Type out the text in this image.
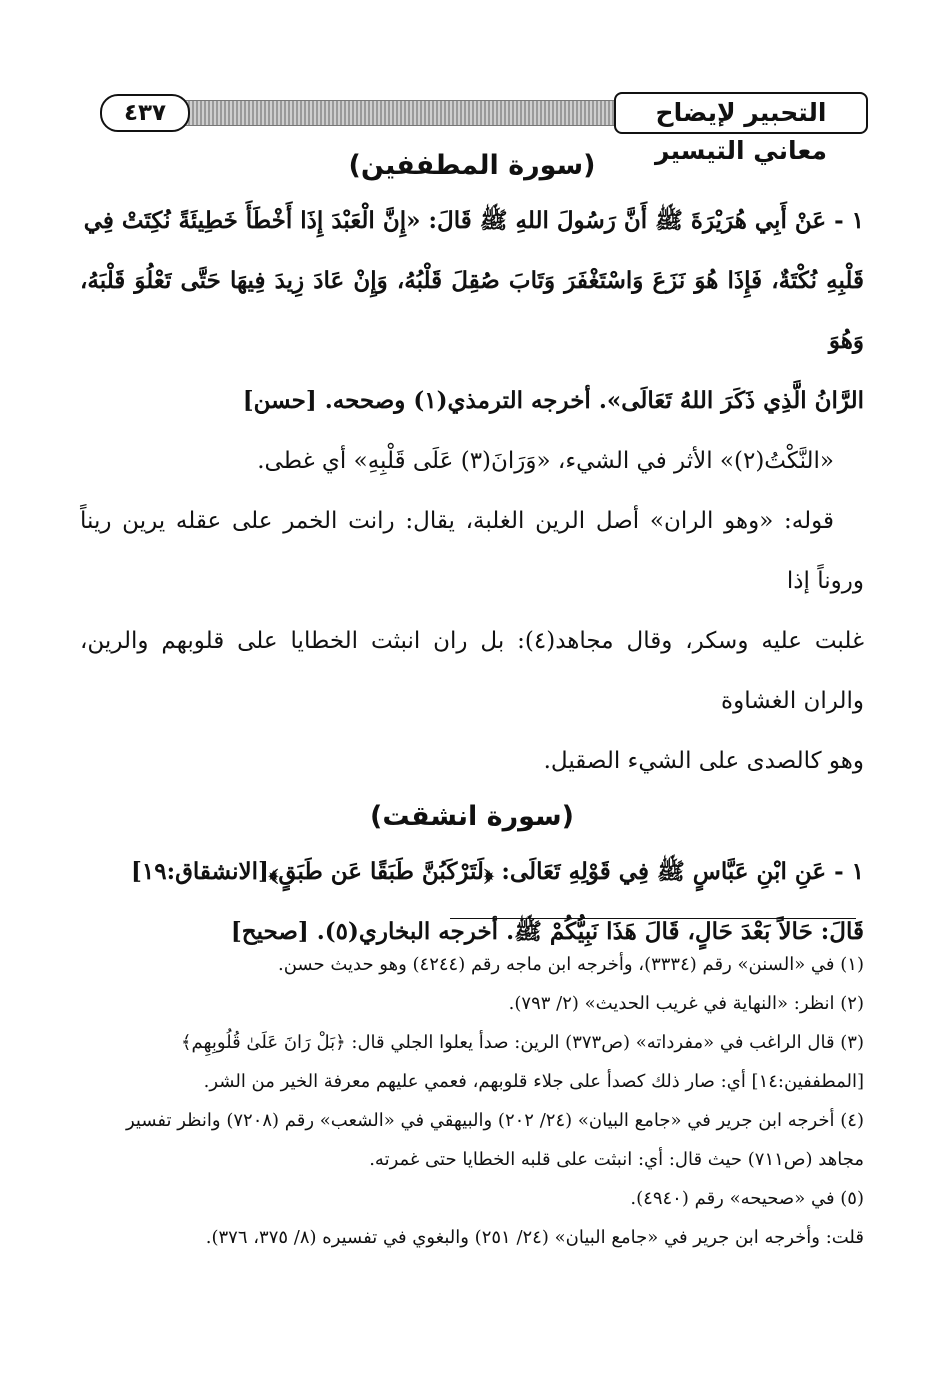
التحبير لإيضاح معاني التيسير
٤٣٧
(سورة المطففين)

١ - عَنْ أَبِي هُرَيْرَةَ ﷺ أَنَّ رَسُولَ اللهِ ﷺ قَالَ: «إِنَّ الْعَبْدَ إِذَا أَخْطَأَ خَطِيئَةً نُكِتَتْ فِي

قَلْبِهِ نُكْتَةٌ، فَإِذَا هُوَ نَزَعَ وَاسْتَغْفَرَ وَتَابَ صُقِلَ قَلْبُهُ، وَإِنْ عَادَ زِيدَ فِيهَا حَتَّى تَعْلُوَ قَلْبَهُ، وَهُوَ

الرَّانُ الَّذِي ذَكَرَ اللهُ تَعَالَى». أخرجه الترمذي(١) وصححه. [حسن]

«النَّكْتُ(٢)» الأثر في الشيء، «وَرَانَ(٣) عَلَى قَلْبِهِ» أي غطى.

قوله: «وهو الران» أصل الرين الغلبة، يقال: رانت الخمر على عقله يرين ريناً وروناً إذا

غلبت عليه وسكر، وقال مجاهد(٤): بل ران انبثت الخطايا على قلوبهم والرين، والران الغشاوة

وهو كالصدى على الشيء الصقيل.

(سورة انشقت)

١ - عَنِ ابْنِ عَبَّاسٍ ﷺ فِي قَوْلِهِ تَعَالَى: ﴿لَتَرْكَبُنَّ طَبَقًا عَن طَبَقٍ﴾[الانشقاق:١٩]

قَالَ: حَالاً بَعْدَ حَالٍ، قَالَ هَذَا نَبِيُّكُمْ ﷺ. أخرجه البخاري(٥). [صحيح]

(١) في «السنن» رقم (٣٣٣٤)، وأخرجه ابن ماجه رقم (٤٢٤٤) وهو حديث حسن.

(٢) انظر: «النهاية في غريب الحديث» (٢/ ٧٩٣).

(٣) قال الراغب في «مفرداته» (ص٣٧٣) الرين: صدأ يعلوا الجلي قال: ﴿بَلْ رَانَ عَلَىٰ قُلُوبِهِم﴾

[المطففين:١٤] أي: صار ذلك كصدأ على جلاء قلوبهم، فعمي عليهم معرفة الخير من الشر.

(٤) أخرجه ابن جرير في «جامع البيان» (٢٤/ ٢٠٢) والبيهقي في «الشعب» رقم (٧٢٠٨) وانظر تفسير

مجاهد (ص٧١١) حيث قال: أي: انبثت على قلبه الخطايا حتى غمرته.

(٥) في «صحيحه» رقم (٤٩٤٠).

قلت: وأخرجه ابن جرير في «جامع البيان» (٢٤/ ٢٥١) والبغوي في تفسيره (٨/ ٣٧٥، ٣٧٦).
